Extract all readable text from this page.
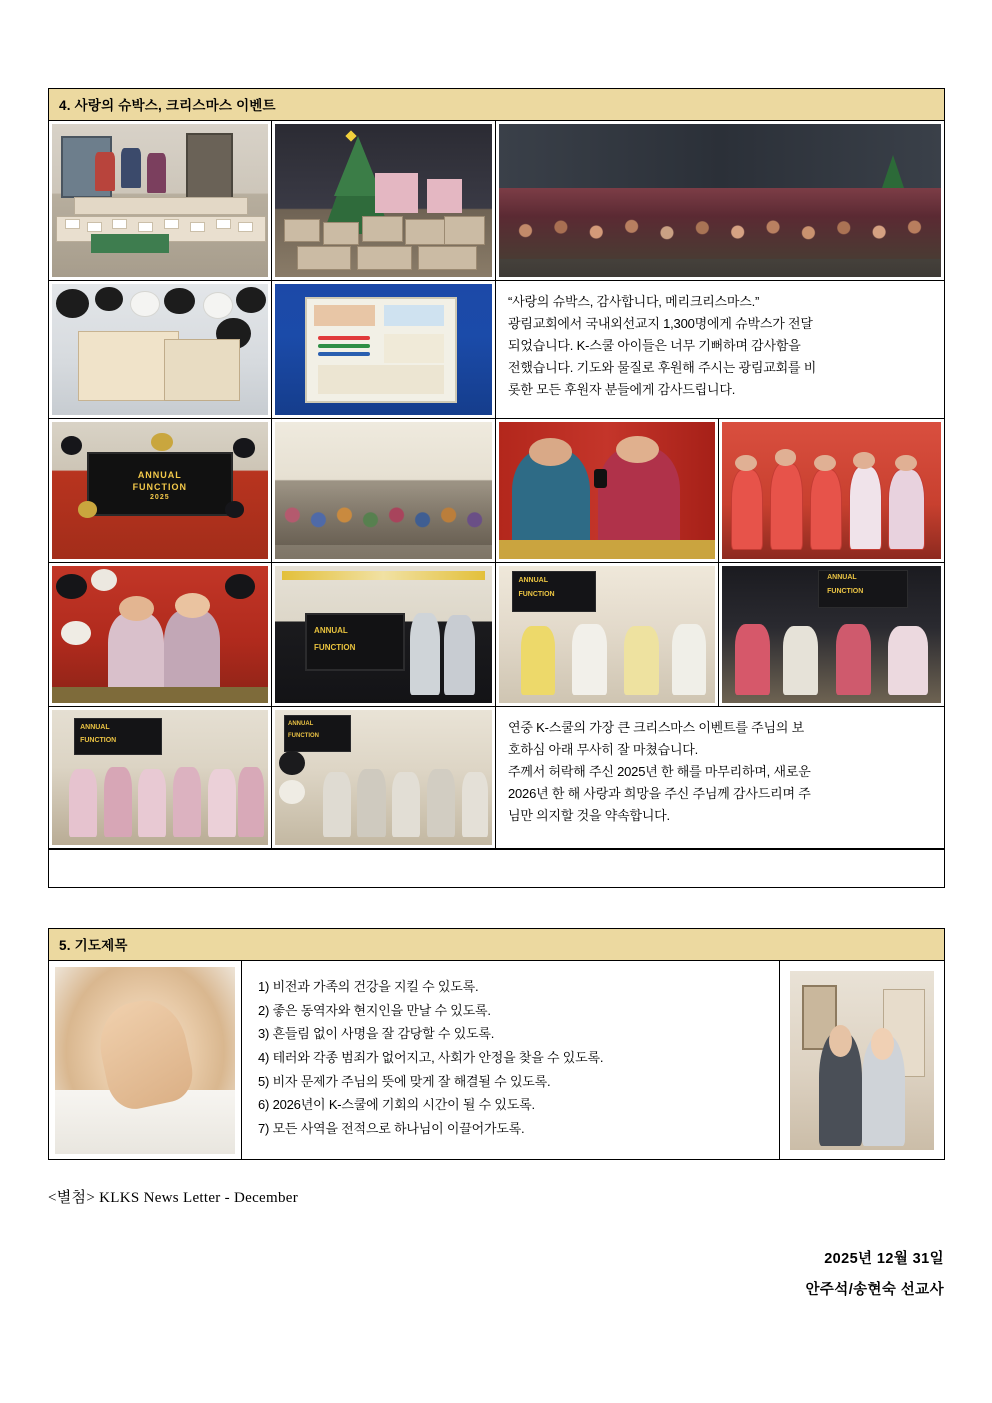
4. 사랑의 슈박스, 크리스마스 이벤트

“사랑의 슈박스, 감사합니다, 메리크리스마스.”

광림교회에서 국내외선교지 1,300명에게 슈박스가 전달

되었습니다. K-스쿨 아이들은 너무 기뻐하며 감사함을

전했습니다. 기도와 물질로 후원해 주시는 광림교회를 비

롯한 모든 후원자 분들에게 감사드립니다.

ANNUAL
FUNCTION
2025
ANNUAL
FUNCTION
ANNUAL
FUNCTION
ANNUAL
FUNCTION
ANNUAL
FUNCTION
ANNUAL
FUNCTION

연중 K-스쿨의 가장 큰 크리스마스 이벤트를 주님의 보

호하심 아래 무사히 잘 마쳤습니다.

주께서 허락해 주신 2025년 한 해를 마무리하며, 새로운

2026년 한 해 사랑과 희망을 주신 주님께 감사드리며 주

님만 의지할 것을 약속합니다.

5. 기도제목
1) 비전과 가족의 건강을 지킬 수 있도록.
2) 좋은 동역자와 현지인을 만날 수 있도록.
3) 흔들림 없이 사명을 잘 감당할 수 있도록.
4) 테러와 각종 범죄가 없어지고, 사회가 안정을 찾을 수 있도록.
5) 비자 문제가 주님의 뜻에 맞게 잘 해결될 수 있도록.
6) 2026년이 K-스쿨에 기회의 시간이 될 수 있도록.
7) 모든 사역을 전적으로 하나님이 이끌어가도록.
<별첨> KLKS News Letter - December
2025년 12월 31일
안주석/송현숙 선교사
